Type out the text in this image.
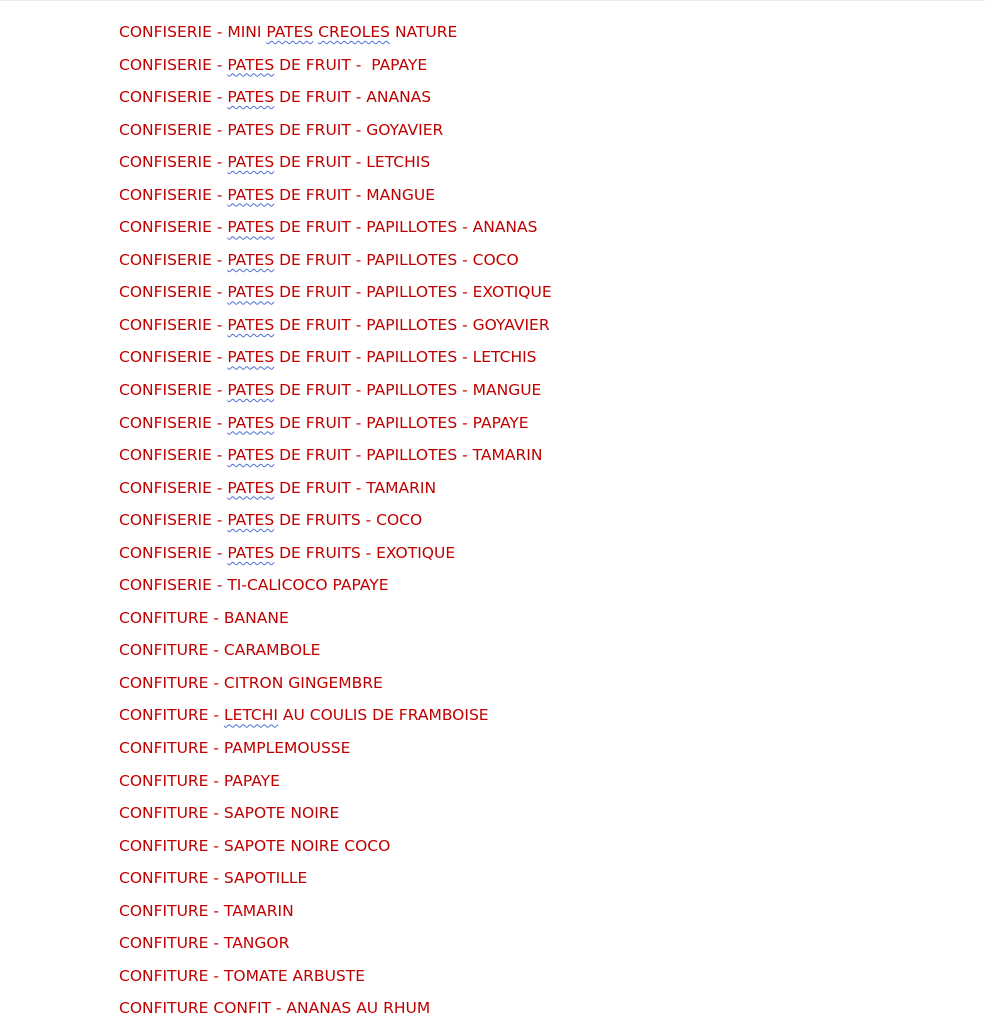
CONFISERIE - MINI PATES CREOLES NATURE
CONFISERIE - PATES DE FRUIT -  PAPAYE
CONFISERIE - PATES DE FRUIT - ANANAS
CONFISERIE - PATES DE FRUIT - GOYAVIER
CONFISERIE - PATES DE FRUIT - LETCHIS
CONFISERIE - PATES DE FRUIT - MANGUE
CONFISERIE - PATES DE FRUIT - PAPILLOTES - ANANAS
CONFISERIE - PATES DE FRUIT - PAPILLOTES - COCO
CONFISERIE - PATES DE FRUIT - PAPILLOTES - EXOTIQUE
CONFISERIE - PATES DE FRUIT - PAPILLOTES - GOYAVIER
CONFISERIE - PATES DE FRUIT - PAPILLOTES - LETCHIS
CONFISERIE - PATES DE FRUIT - PAPILLOTES - MANGUE
CONFISERIE - PATES DE FRUIT - PAPILLOTES - PAPAYE
CONFISERIE - PATES DE FRUIT - PAPILLOTES - TAMARIN
CONFISERIE - PATES DE FRUIT - TAMARIN
CONFISERIE - PATES DE FRUITS - COCO
CONFISERIE - PATES DE FRUITS - EXOTIQUE
CONFISERIE - TI-CALICOCO PAPAYE
CONFITURE - BANANE
CONFITURE - CARAMBOLE
CONFITURE - CITRON GINGEMBRE
CONFITURE - LETCHI AU COULIS DE FRAMBOISE
CONFITURE - PAMPLEMOUSSE
CONFITURE - PAPAYE
CONFITURE - SAPOTE NOIRE
CONFITURE - SAPOTE NOIRE COCO
CONFITURE - SAPOTILLE
CONFITURE - TAMARIN
CONFITURE - TANGOR
CONFITURE - TOMATE ARBUSTE
CONFITURE CONFIT - ANANAS AU RHUM
